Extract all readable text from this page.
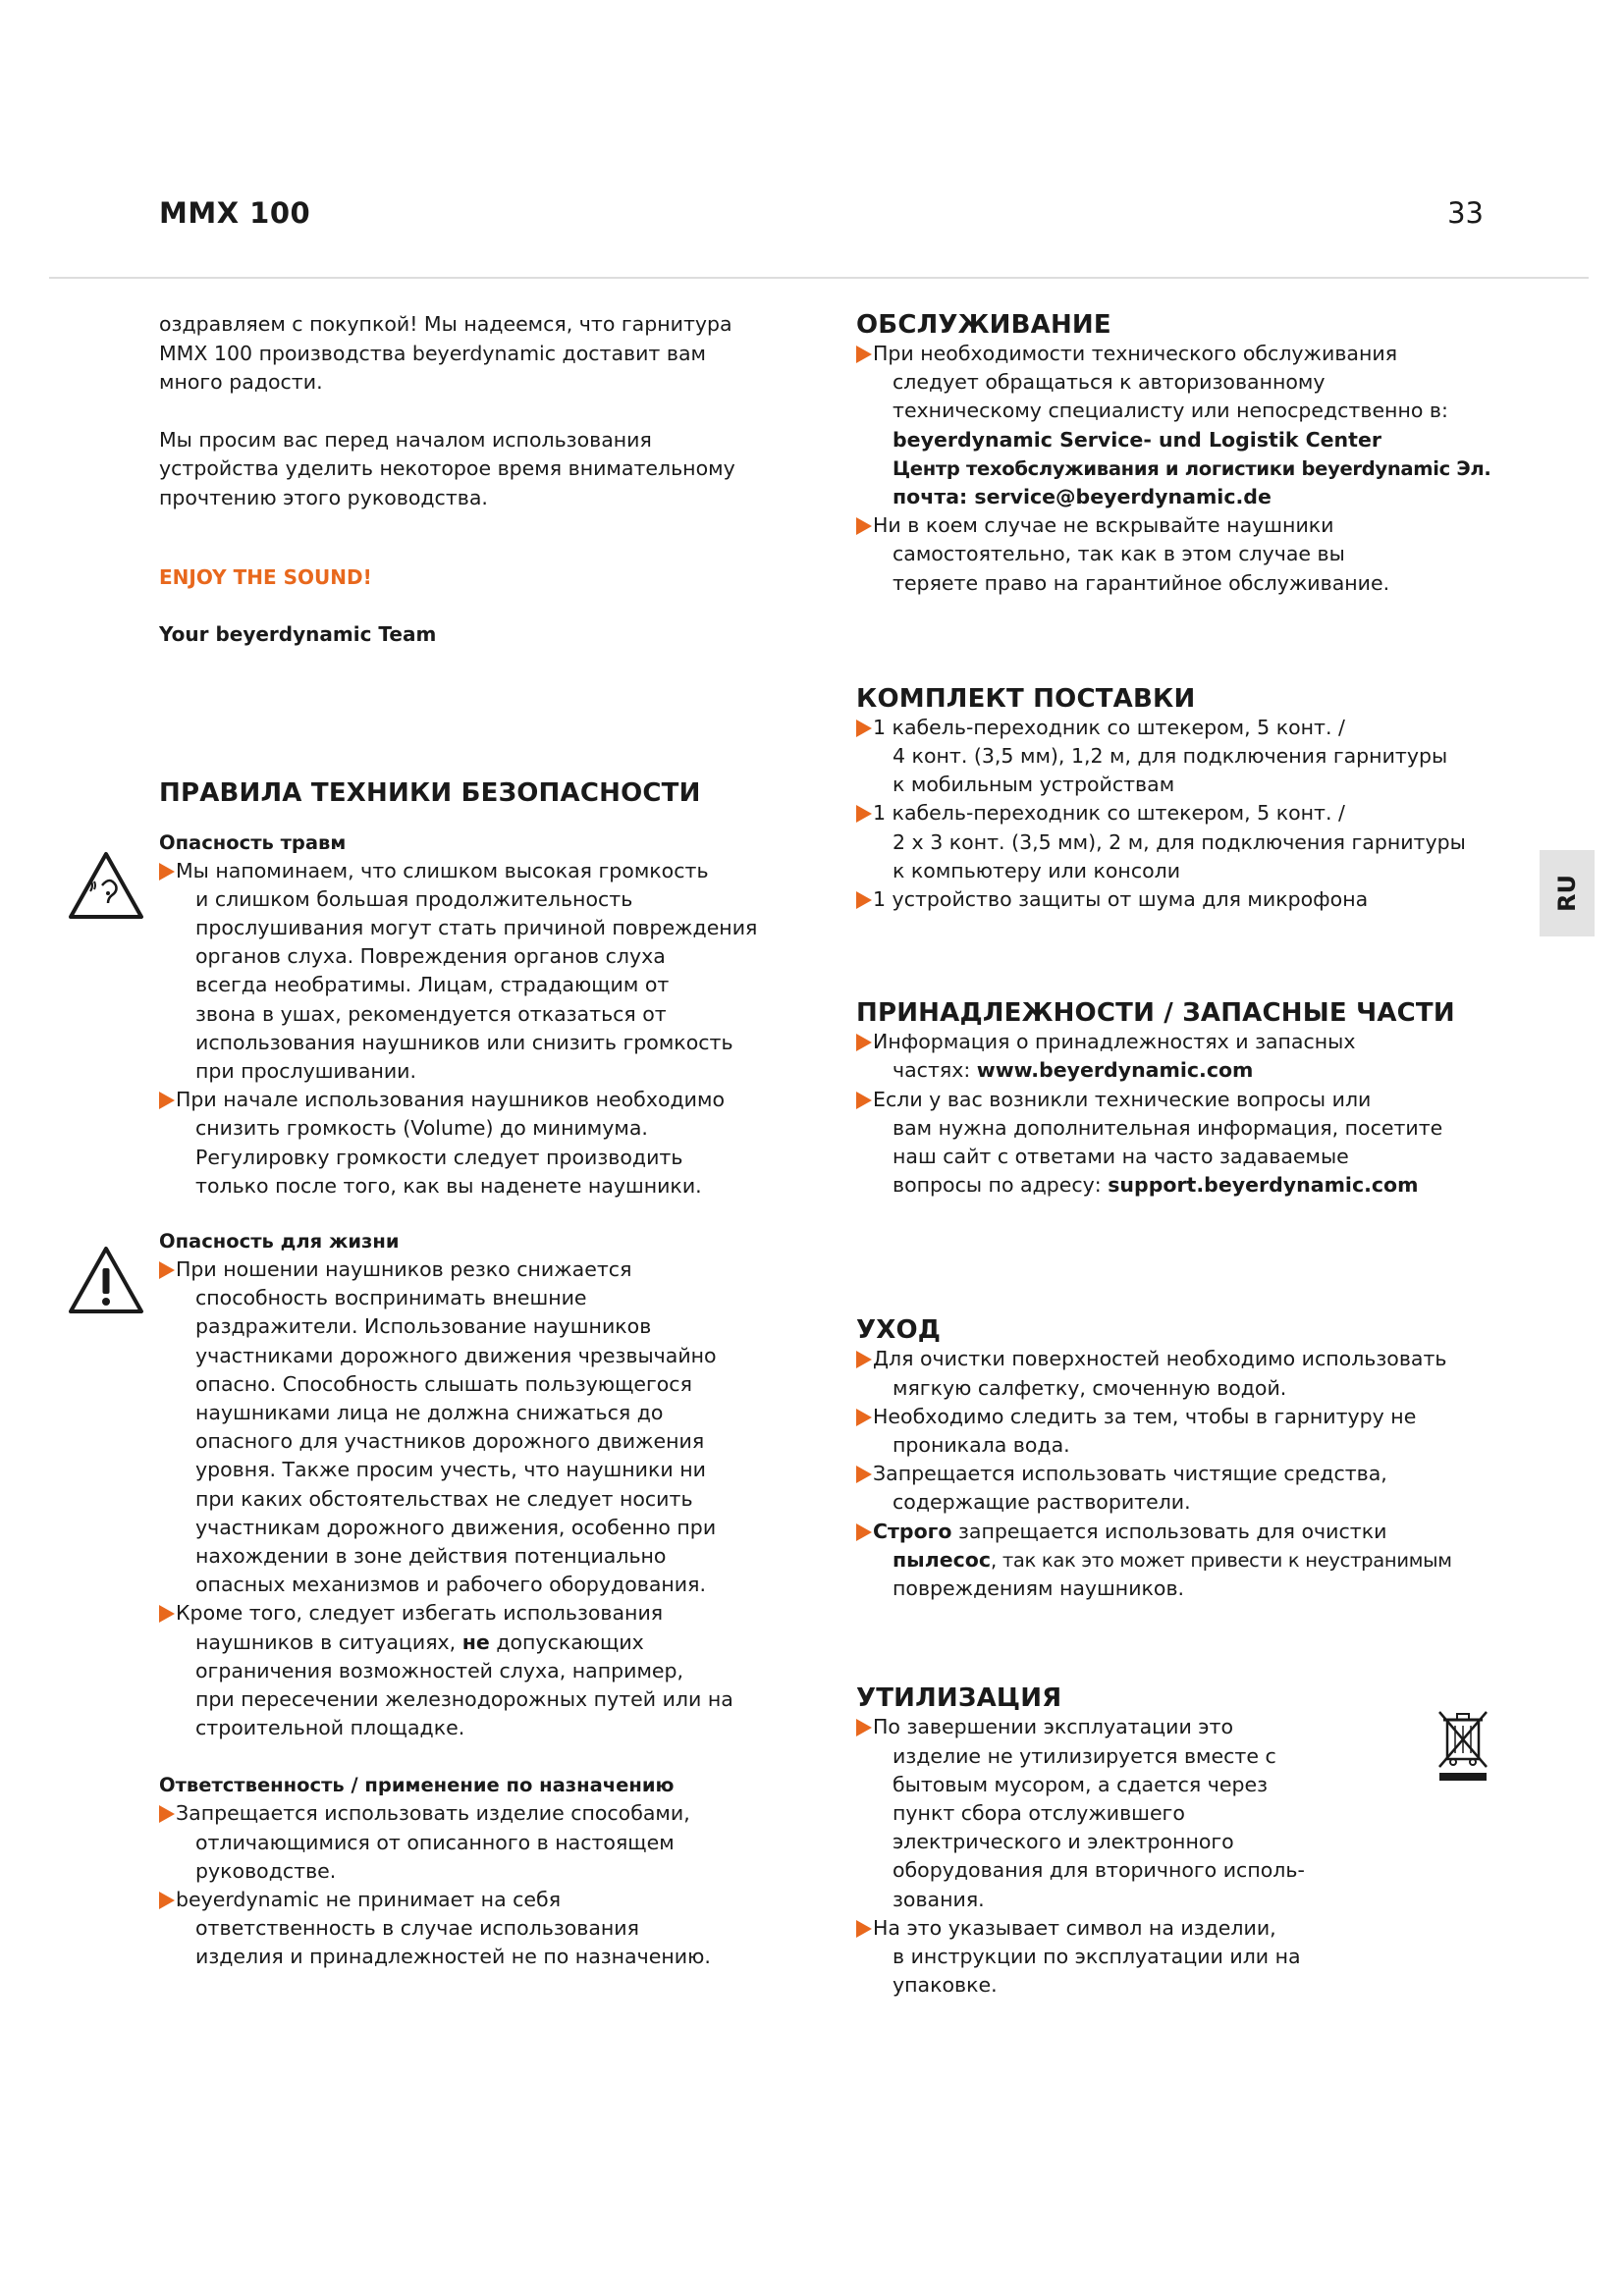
MMX 100	33
RU
оздравляем с покупкой! Мы надеемся, что гарнитура
MMX 100 производства beyerdynamic доставит вам
много радости.
Мы просим вас перед началом использования
устройства уделить некоторое время внимательному
прочтению этого руководства.
ENJOY THE SOUND!
Your beyerdynamic Team
ПРАВИЛА ТЕХНИКИ БЕЗОПАСНОСТИ
Опасность травм
Мы напоминаем, что слишком высокая громкость
и слишком большая продолжительность
прослушивания могут стать причиной повреждения
органов слуха. Повреждения органов слуха
всегда необратимы. Лицам, страдающим от
звона в ушах, рекомендуется отказаться от
использования наушников или снизить громкость
при прослушивании.
При начале использования наушников необходимо
снизить громкость (Volume) до минимума.
Регулировку громкости следует производить
только после того, как вы наденете наушники.
Опасность для жизни
При ношении наушников резко снижается
способность воспринимать внешние
раздражители. Использование наушников
участниками дорожного движения чрезвычайно
опасно. Способность слышать пользующегося
наушниками лица не должна снижаться до
опасного для участников дорожного движения
уровня. Также просим учесть, что наушники ни
при каких обстоятельствах не следует носить
участникам дорожного движения, особенно при
нахождении в зоне действия потенциально
опасных механизмов и рабочего оборудования.
Кроме того, следует избегать использования
наушников в ситуациях, не допускающих
ограничения возможностей слуха, например,
при пересечении железнодорожных путей или на
строительной площадке.
Ответственность / применение по назначению
Запрещается использовать изделие способами,
отличающимися от описанного в настоящем
руководстве.
beyerdynamic не принимает на себя
ответственность в случае использования
изделия и принадлежностей не по назначению.
ОБСЛУЖИВАНИЕ
При необходимости технического обслуживания
следует обращаться к авторизованному
техническому специалисту или непосредственно в:
beyerdynamic Service- und Logistik Center
Центр техобслуживания и логистики beyerdynamic Эл.
почта: service@beyerdynamic.de
Ни в коем случае не вскрывайте наушники
самостоятельно, так как в этом случае вы
теряете право на гарантийное обслуживание.
КОМПЛЕКТ ПОСТАВКИ
1 кабель-переходник со штекером, 5 конт. /
4 конт. (3,5 мм), 1,2 м, для подключения гарнитуры
к мобильным устройствам
1 кабель-переходник со штекером, 5 конт. /
2 x 3 конт. (3,5 мм), 2 м, для подключения гарнитуры
к компьютеру или консоли
1 устройство защиты от шума для микрофона
ПРИНАДЛЕЖНОСТИ / ЗАПАСНЫЕ ЧАСТИ
Информация о принадлежностях и запасных
частях: www.beyerdynamic.com
Если у вас возникли технические вопросы или
вам нужна дополнительная информация, посетите
наш сайт с ответами на часто задаваемые
вопросы по адресу: support.beyerdynamic.com
УХОД
Для очистки поверхностей необходимо использовать
мягкую салфетку, смоченную водой.
Необходимо следить за тем, чтобы в гарнитуру не
проникала вода.
Запрещается использовать чистящие средства,
содержащие растворители.
Строго запрещается использовать для очистки
пылесос, так как это может привести к неустранимым
повреждениям наушников.
УТИЛИЗАЦИЯ
По завершении эксплуатации это
изделие не утилизируется вместе с
бытовым мусором, а сдается через
пункт сбора отслужившего
электрического и электронного
оборудования для вторичного исполь-
зования.
На это указывает символ на изделии,
в инструкции по эксплуатации или на
упаковке.
